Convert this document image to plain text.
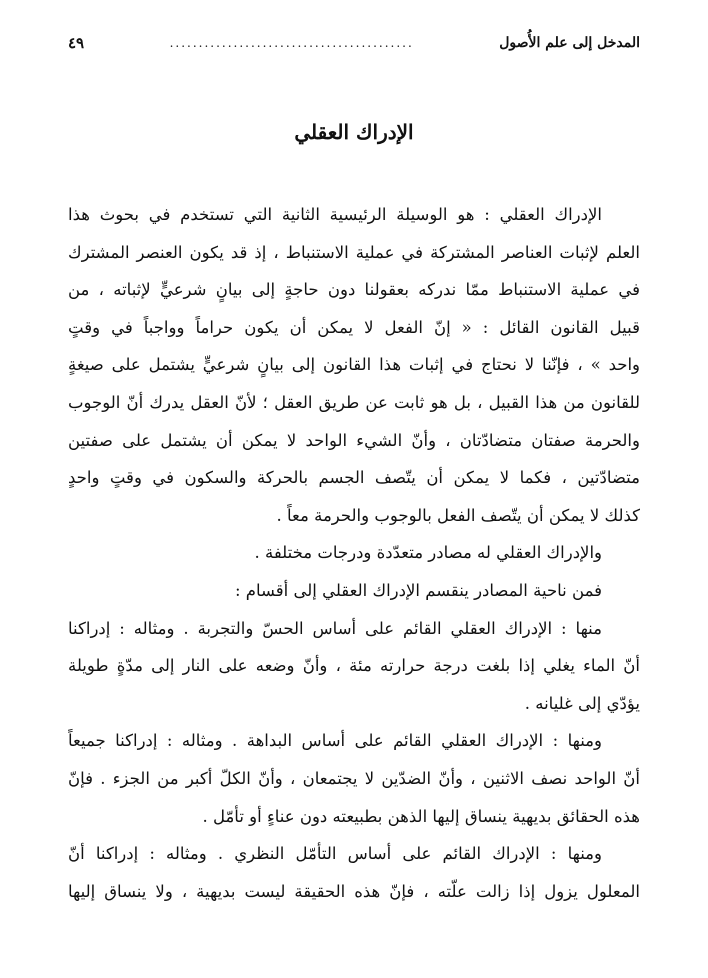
المدخل إلى علم الأُصول
..........................................
٤٩
الإدراك العقلي
الإدراك العقلي : هو الوسيلة الرئيسية الثانية التي تستخدم في بحوث هذا
العلم لإثبات العناصر المشتركة في عملية الاستنباط ، إذ قد يكون العنصر المشترك
في عملية الاستنباط ممّا ندركه بعقولنا دون حاجةٍ إلى بيانٍ شرعيٍّ لإثباته ، من
قبيل القانون القائل : « إنّ الفعل لا يمكن أن يكون حراماً وواجباً في وقتٍ
واحد » ، فإنّنا لا نحتاج في إثبات هذا القانون إلى بيانٍ شرعيٍّ يشتمل على صيغةٍ
للقانون من هذا القبيل ، بل هو ثابت عن طريق العقل ؛ لأنّ العقل يدرك أنّ الوجوب
والحرمة صفتان متضادّتان ، وأنّ الشيء الواحد لا يمكن أن يشتمل على صفتين
متضادّتين ، فكما لا يمكن أن يتّصف الجسم بالحركة والسكون في وقتٍ واحدٍ
كذلك لا يمكن أن يتّصف الفعل بالوجوب والحرمة معاً .
والإدراك العقلي له مصادر متعدّدة ودرجات مختلفة .
فمن ناحية المصادر ينقسم الإدراك العقلي إلى أقسام :
منها : الإدراك العقلي القائم على أساس الحسّ والتجربة . ومثاله : إدراكنا
أنّ الماء يغلي إذا بلغت درجة حرارته مئة ، وأنّ وضعه على النار إلى مدّةٍ طويلة
يؤدّي إلى غليانه .
ومنها : الإدراك العقلي القائم على أساس البداهة . ومثاله : إدراكنا جميعاً
أنّ الواحد نصف الاثنين ، وأنّ الضدّين لا يجتمعان ، وأنّ الكلّ أكبر من الجزء . فإنّ
هذه الحقائق بديهية ينساق إليها الذهن بطبيعته دون عناءٍ أو تأمّل .
ومنها : الإدراك القائم على أساس التأمّل النظري . ومثاله : إدراكنا أنّ
المعلول يزول إذا زالت علّته ، فإنّ هذه الحقيقة ليست بديهية ، ولا ينساق إليها
